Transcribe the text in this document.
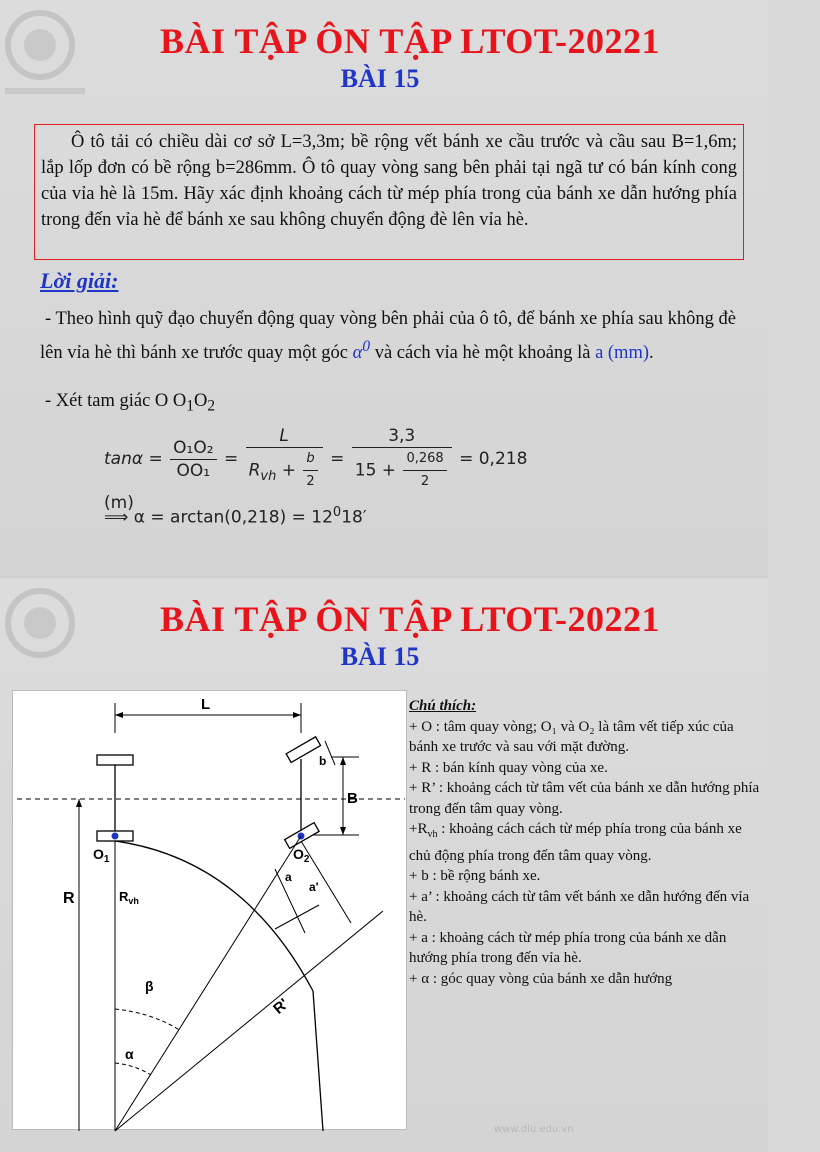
BÀI TẬP ÔN TẬP LTOT-20221
BÀI 15
Ô tô tải có chiều dài cơ sở L=3,3m; bề rộng vết bánh xe cầu trước và cầu sau B=1,6m; lắp lốp đơn có bề rộng b=286mm. Ô tô quay vòng sang bên phải tại ngã tư có bán kính cong của vỉa hè là 15m. Hãy xác định khoảng cách từ mép phía trong của bánh xe dẫn hướng phía trong đến vỉa hè để bánh xe sau không chuyển động đè lên vỉa hè.
Lời giải:
- Theo hình quỹ đạo chuyển động quay vòng bên phải của ô tô, để bánh xe phía sau không đè lên vỉa hè thì bánh xe trước quay một góc $\alpha^0$ và cách vỉa hè một khoảng là a (mm).
- Xét tam giác O $O_1O_2$
$\tan\alpha = \frac{\text{O₁O₂}}{\text{OO₁}} = \frac{L}{R_{vh} + \frac{b}{2}} = \frac{3,3}{15 + \frac{0,268}{2}} = 0,218$ (m)
⟹ $\alpha = \arctan(0,218) = 12^018'$
www.dlu.edu.vn
BÀI TẬP ÔN TẬP LTOT-20221
BÀI 15
L
$O_1$	$O_2$
b
B
R	$R_{vh}$
β
α
a
a'
R'
Chú thích:
+ O : tâm quay vòng; O₁ và O₂ là tâm vết tiếp xúc của bánh xe trước và sau với mặt đường.
+ R : bán kính quay vòng của xe.
+ R’ : khoảng cách từ tâm vết của bánh xe dẫn hướng phía trong đến tâm quay vòng.
$+R_{vh}$ : khoảng cách cách từ mép phía trong của bánh xe chủ động phía trong đến tâm quay vòng.
+ b : bề rộng bánh xe.
+ a’ : khoảng cách từ tâm vết bánh xe dẫn hướng đến vỉa hè.
+ a : khoảng cách từ mép phía trong của bánh xe dẫn hướng phía trong đến vỉa hè.
+ α : góc quay vòng của bánh xe dẫn hướng
